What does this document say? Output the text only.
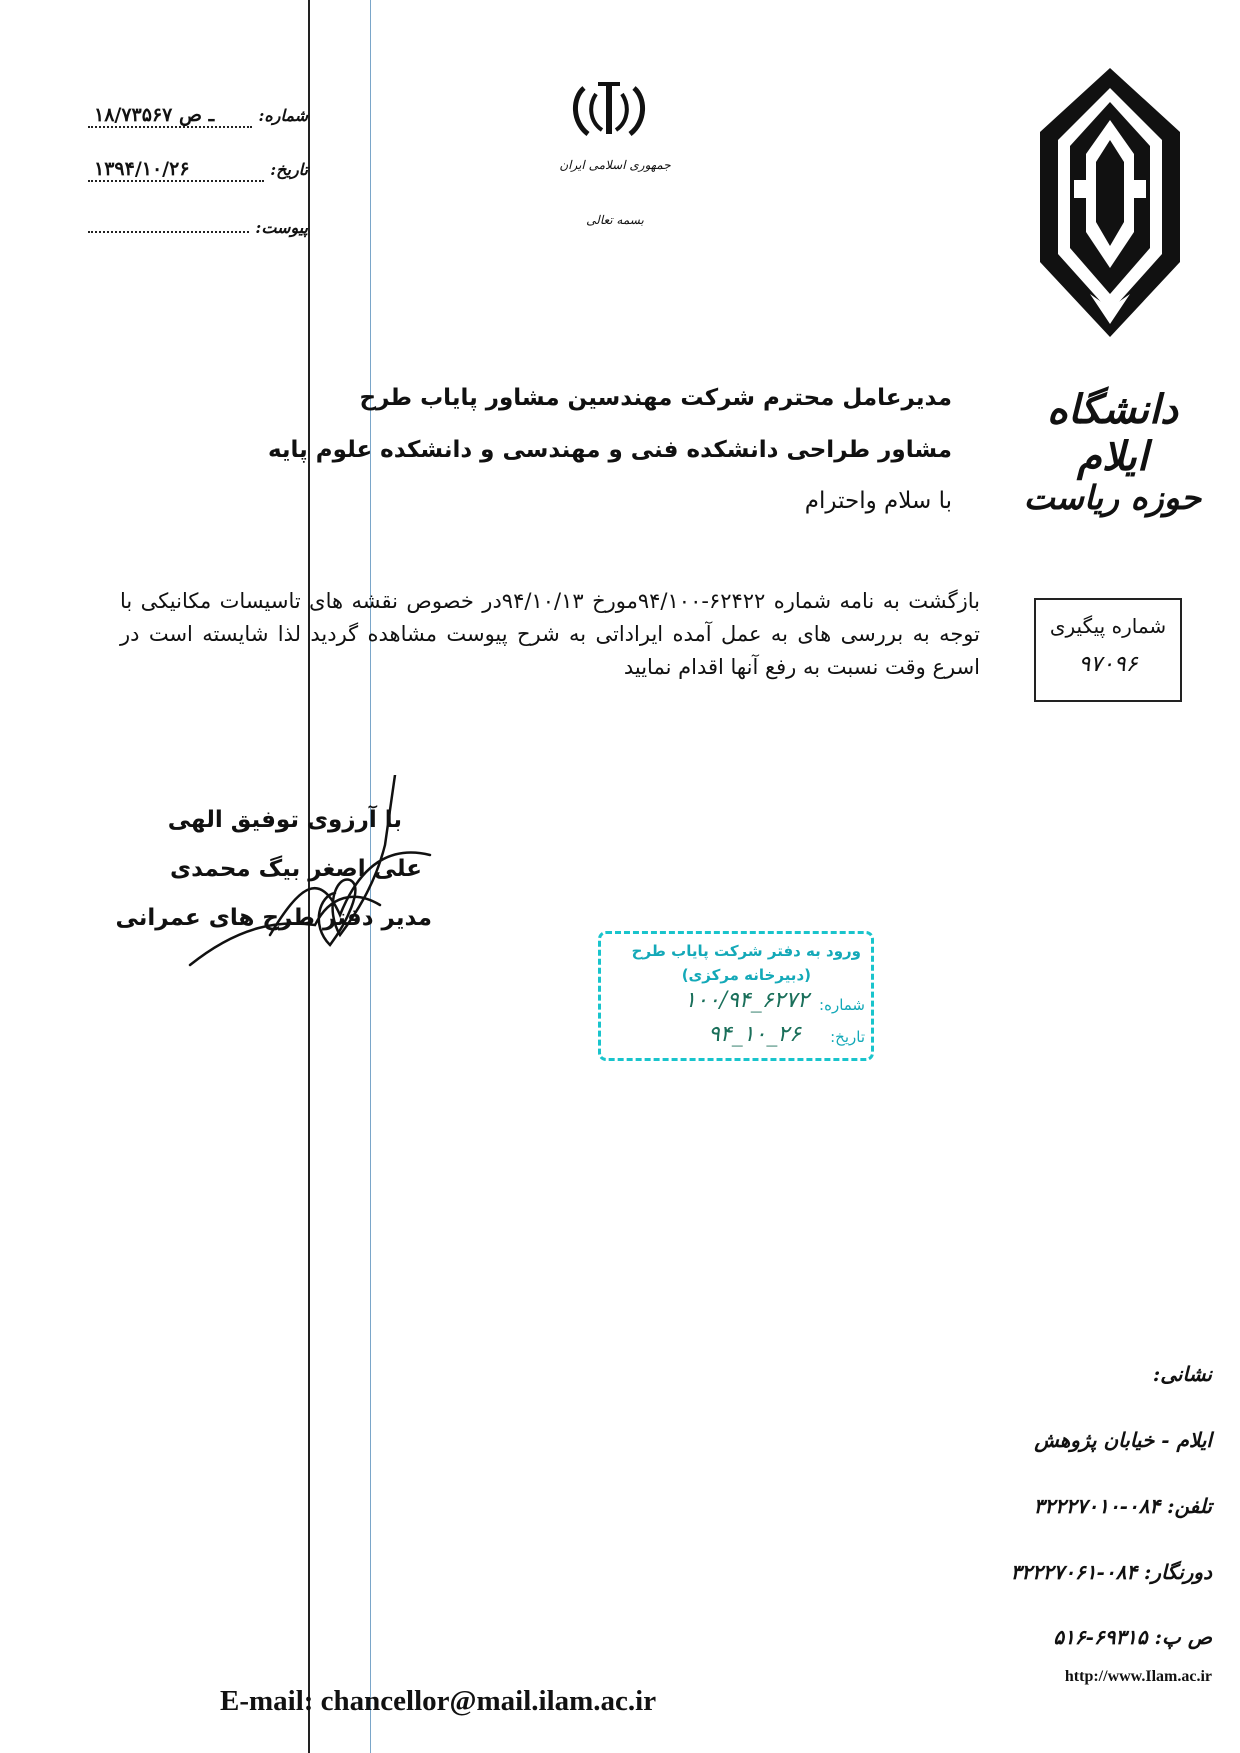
شماره:
۱۸/۷۳۵۶۷ ـ ص
تاریخ:
۱۳۹۴/۱۰/۲۶
پیوست:
جمهوری اسلامی ایران
بسمه تعالی
دانشگاه ایلام
حوزه ریاست
شماره پیگیری
۹۷۰۹۶
مدیرعامل محترم شرکت مهندسین مشاور پایاب طرح
مشاور طراحی دانشکده فنی و مهندسی و دانشکده علوم پایه
با سلام واحترام
بازگشت به نامه شماره ۶۲۴۲۲-۹۴/۱۰۰مورخ ۹۴/۱۰/۱۳در خصوص نقشه های تاسیسات مکانیکی با توجه به بررسی های به عمل آمده ایراداتی به شرح پیوست مشاهده گردید لذا شایسته است در اسرع وقت نسبت به رفع آنها اقدام نمایید
با آرزوی توفیق الهی
علی اصغر بیگ محمدی
مدیر دفتر طرح های عمرانی
ورود به دفتر شرکت پایاب طرح
(دبیرخانه مرکزی)
شماره:
۱۰۰/۹۴_۶۲۷۲
تاریخ:
۹۴_۱۰_۲۶
نشانی:
ایلام - خیابان پژوهش
تلفن: ۰۸۴-۳۲۲۲۷۰۱۰
دورنگار: ۰۸۴-۳۲۲۲۷۰۶۱
ص پ: ۶۹۳۱۵-۵۱۶
http://www.Ilam.ac.ir
E-mail: chancellor@mail.ilam.ac.ir
